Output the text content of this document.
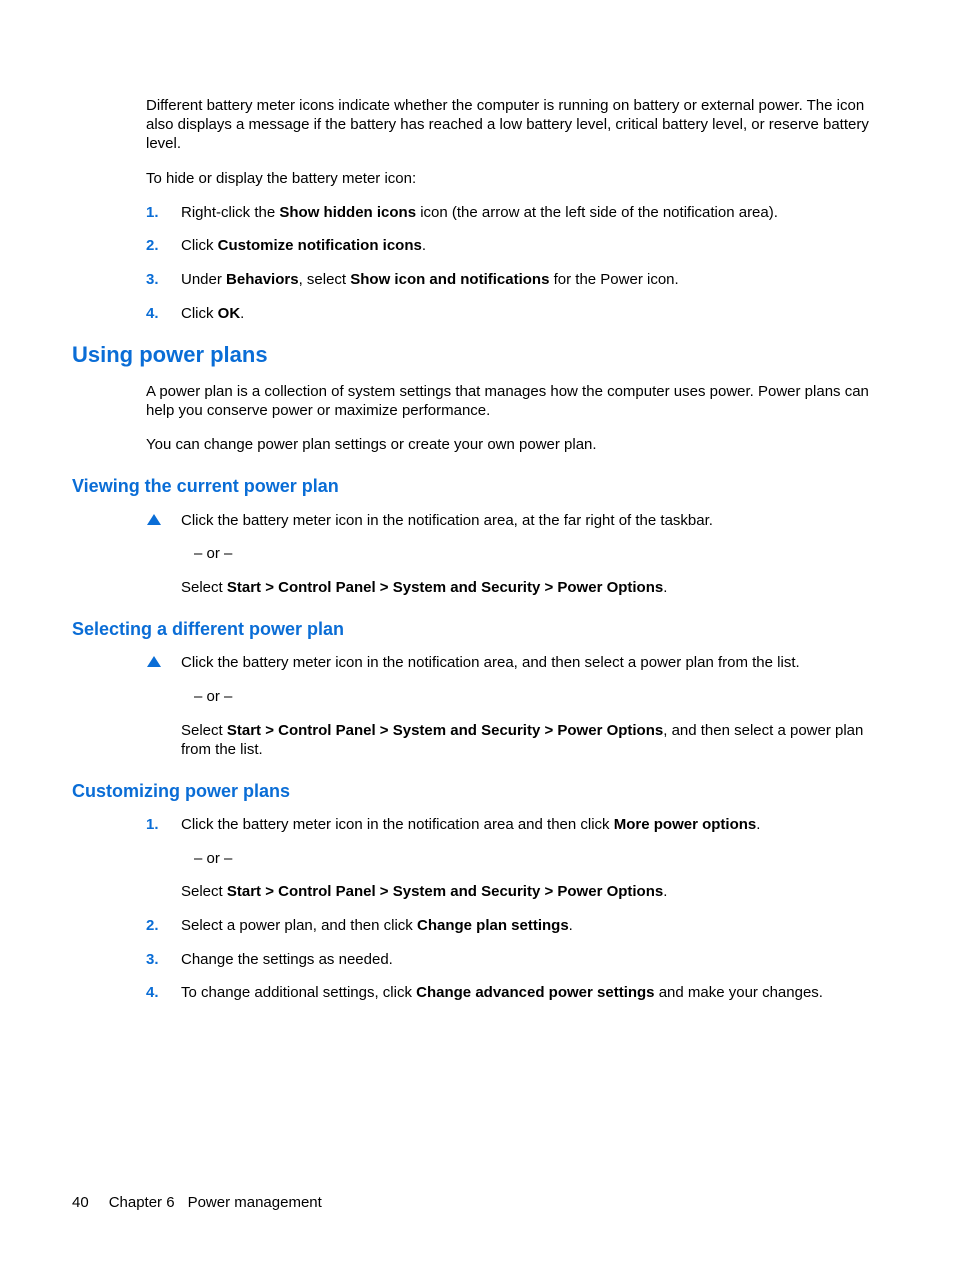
Different battery meter icons indicate whether the computer is running on battery or external power. The icon also displays a message if the battery has reached a low battery level, critical battery level, or reserve battery level.
To hide or display the battery meter icon:
1. Right-click the Show hidden icons icon (the arrow at the left side of the notification area).
2. Click Customize notification icons.
3. Under Behaviors, select Show icon and notifications for the Power icon.
4. Click OK.
Using power plans
A power plan is a collection of system settings that manages how the computer uses power. Power plans can help you conserve power or maximize performance.
You can change power plan settings or create your own power plan.
Viewing the current power plan
Click the battery meter icon in the notification area, at the far right of the taskbar.
– or –
Select Start > Control Panel > System and Security > Power Options.
Selecting a different power plan
Click the battery meter icon in the notification area, and then select a power plan from the list.
– or –
Select Start > Control Panel > System and Security > Power Options, and then select a power plan from the list.
Customizing power plans
1. Click the battery meter icon in the notification area and then click More power options.
– or –
Select Start > Control Panel > System and Security > Power Options.
2. Select a power plan, and then click Change plan settings.
3. Change the settings as needed.
4. To change additional settings, click Change advanced power settings and make your changes.
40 Chapter 6 Power management
